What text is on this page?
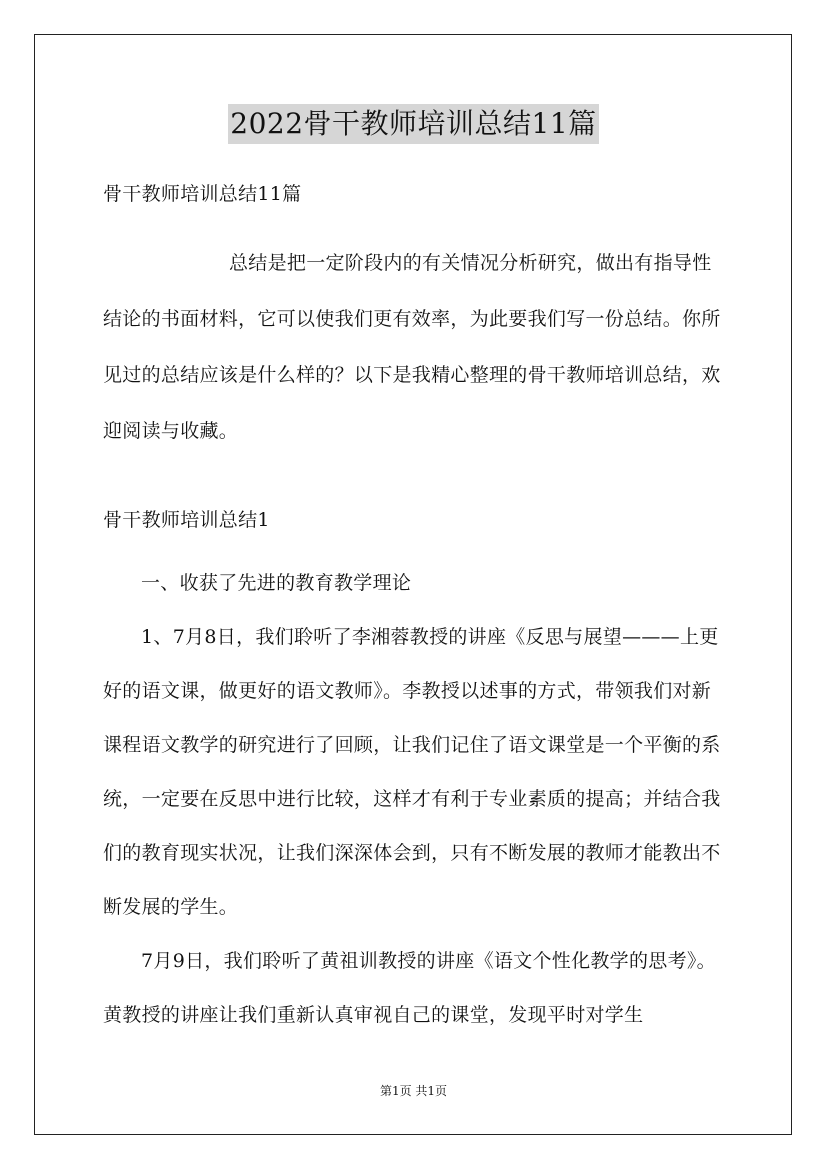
2022骨干教师培训总结11篇
骨干教师培训总结11篇

总结是把一定阶段内的有关情况分析研究，做出有指导性结论的书面材料，它可以使我们更有效率，为此要我们写一份总结。你所见过的总结应该是什么样的？以下是我精心整理的骨干教师培训总结，欢迎阅读与收藏。

骨干教师培训总结1

一、收获了先进的教育教学理论

1、7月8日，我们聆听了李湘蓉教授的讲座《反思与展望———上更好的语文课，做更好的语文教师》。李教授以述事的方式，带领我们对新课程语文教学的研究进行了回顾，让我们记住了语文课堂是一个平衡的系统，一定要在反思中进行比较，这样才有利于专业素质的提高；并结合我们的教育现实状况，让我们深深体会到，只有不断发展的教师才能教出不断发展的学生。

7月9日，我们聆听了黄祖训教授的讲座《语文个性化教学的思考》。黄教授的讲座让我们重新认真审视自己的课堂，发现平时对学生

第1页 共1页
